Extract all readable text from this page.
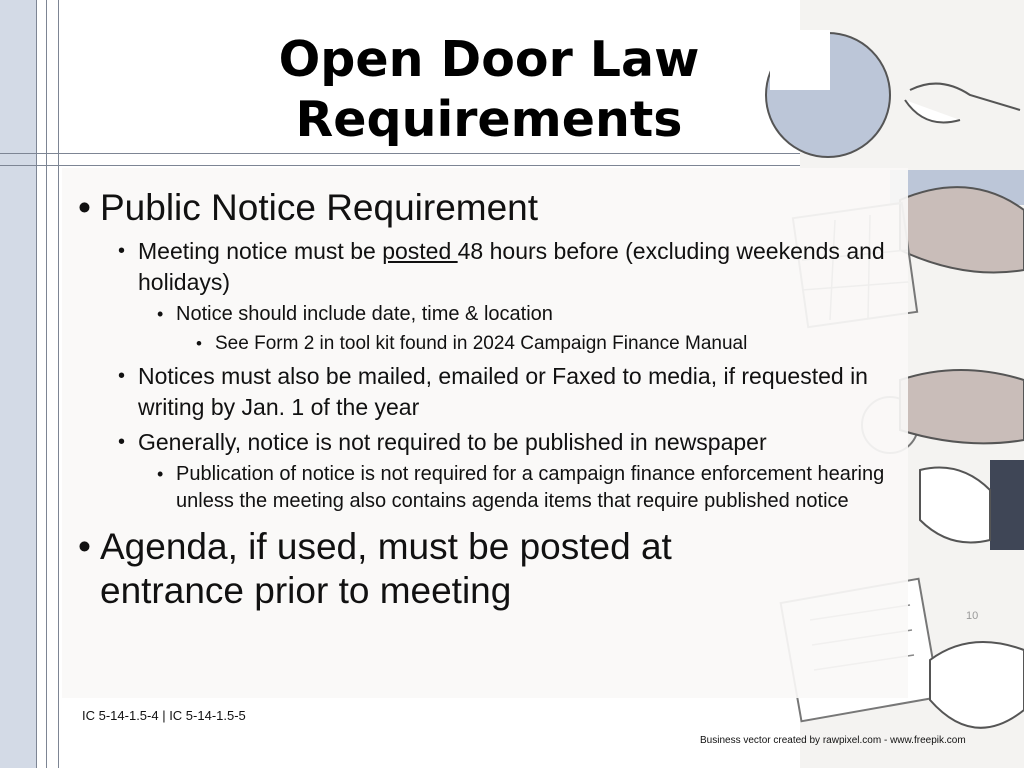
Open Door Law
Requirements
• Public Notice Requirement
• Meeting notice must be posted 48 hours before (excluding weekends and holidays)
• Notice should include date, time & location
• See Form 2 in tool kit found in 2024 Campaign Finance Manual
• Notices must also be mailed, emailed or Faxed to media, if requested in writing by Jan. 1 of the year
• Generally, notice is not required to be published in newspaper
• Publication of notice is not required for a campaign finance enforcement hearing unless the meeting also contains agenda items that require published notice
• Agenda, if used, must be posted at entrance prior to meeting
10
IC 5-14-1.5-4 | IC 5-14-1.5-5
Business vector created by rawpixel.com - www.freepik.com
